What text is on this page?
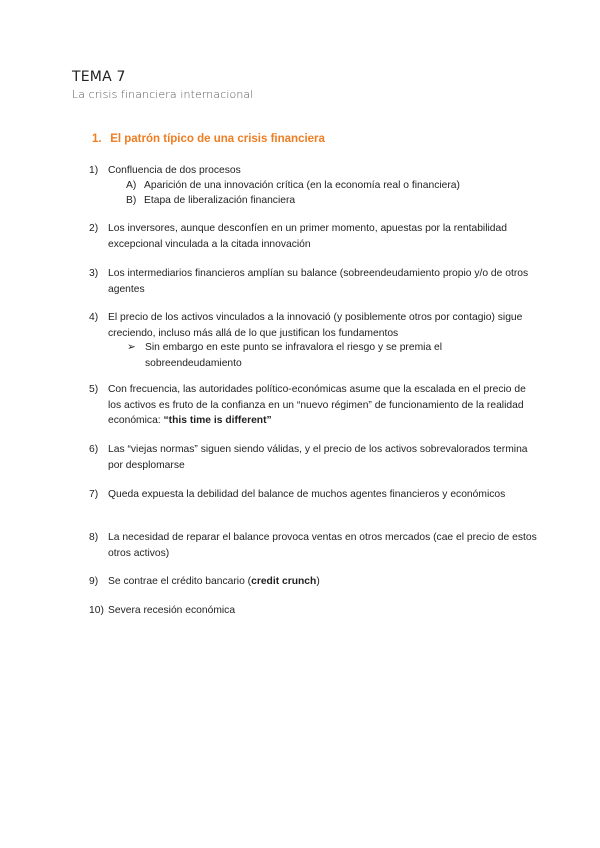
TEMA 7
La crisis financiera internacional
1. El patrón típico de una crisis financiera
1) Confluencia de dos procesos
A) Aparición de una innovación crítica (en la economía real o financiera)
B) Etapa de liberalización financiera
2) Los inversores, aunque desconfíen en un primer momento, apuestas por la rentabilidad excepcional vinculada a la citada innovación
3) Los intermediarios financieros amplían su balance (sobreendeudamiento propio y/o de otros agentes
4) El precio de los activos vinculados a la innovació (y posiblemente otros por contagio) sigue creciendo, incluso más allá de lo que justifican los fundamentos
➢ Sin embargo en este punto se infravalora el riesgo y se premia el sobreendeudamiento
5) Con frecuencia, las autoridades político-económicas asume que la escalada en el precio de los activos es fruto de la confianza en un “nuevo régimen” de funcionamiento de la realidad económica: “this time is different”
6) Las “viejas normas” siguen siendo válidas, y el precio de los activos sobrevalorados termina por desplomarse
7) Queda expuesta la debilidad del balance de muchos agentes financieros y económicos
8) La necesidad de reparar el balance provoca ventas en otros mercados (cae el precio de estos otros activos)
9) Se contrae el crédito bancario (credit crunch)
10) Severa recesión económica
